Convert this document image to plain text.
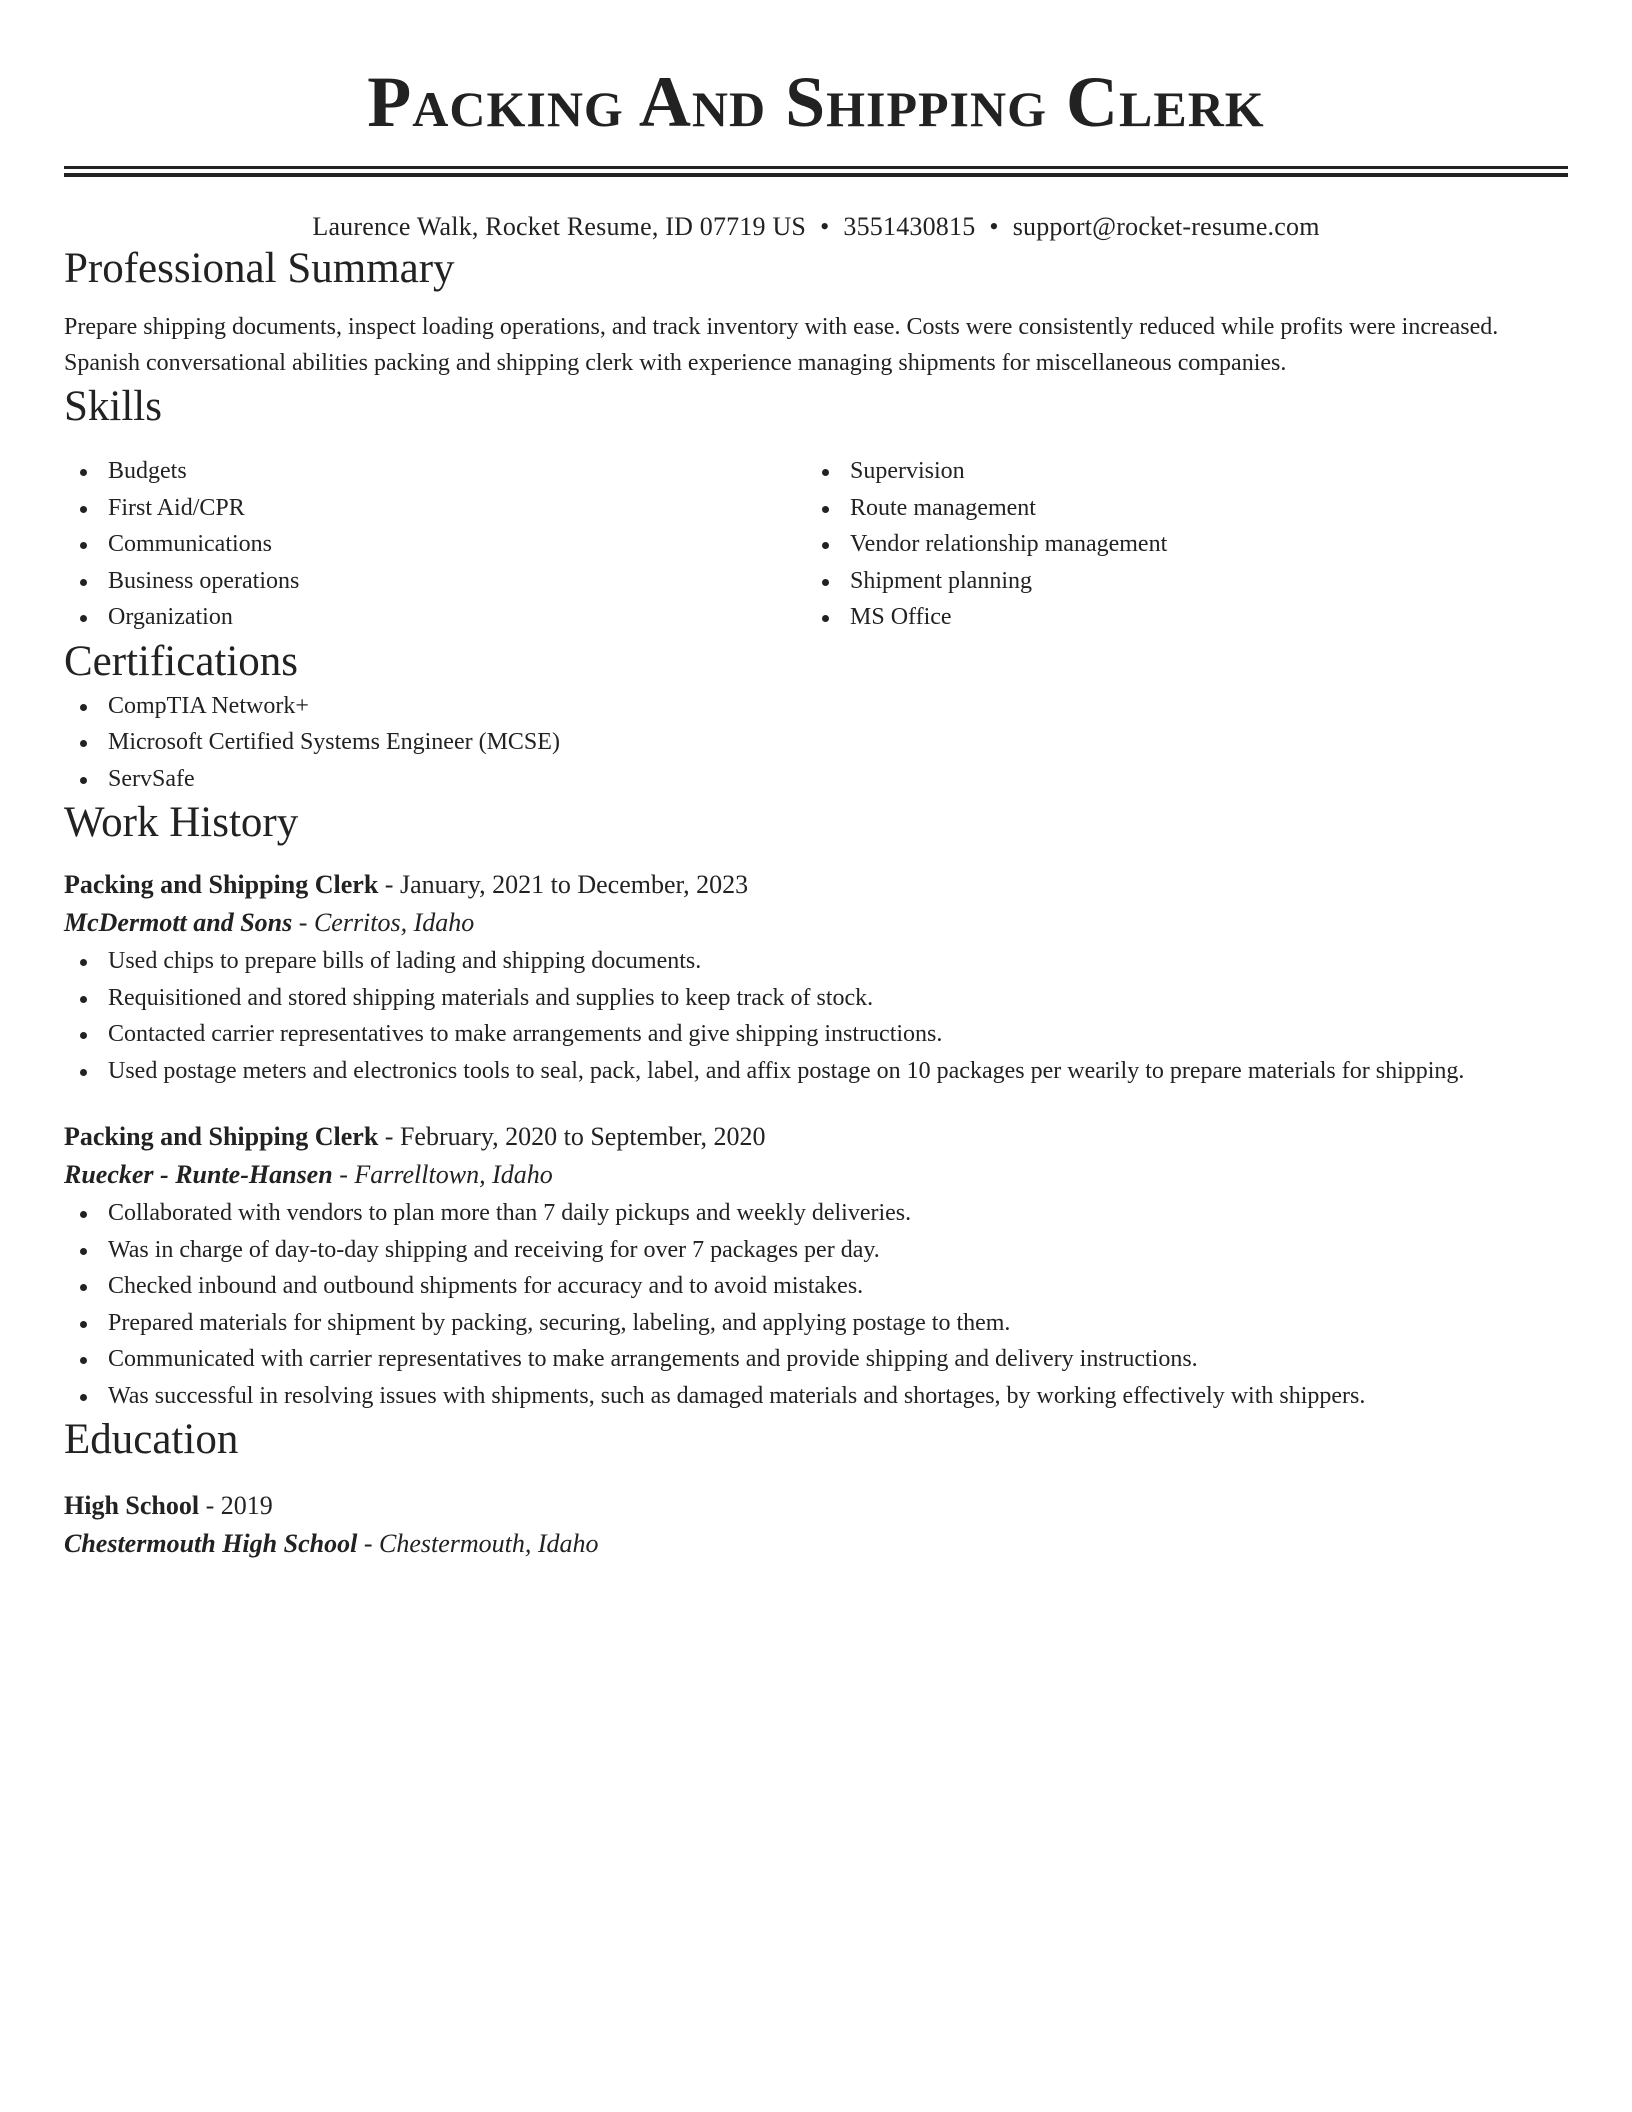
Packing And Shipping Clerk
Laurence Walk, Rocket Resume, ID 07719 US • 3551430815 • support@rocket-resume.com
Professional Summary

Prepare shipping documents, inspect loading operations, and track inventory with ease. Costs were consistently reduced while profits were increased. Spanish conversational abilities packing and shipping clerk with experience managing shipments for miscellaneous companies.

Skills
Budgets
First Aid/CPR
Communications
Business operations
Organization
Supervision
Route management
Vendor relationship management
Shipment planning
MS Office
Certifications
CompTIA Network+
Microsoft Certified Systems Engineer (MCSE)
ServSafe
Work History
Packing and Shipping Clerk - January, 2021 to December, 2023
McDermott and Sons - Cerritos, Idaho
Used chips to prepare bills of lading and shipping documents.
Requisitioned and stored shipping materials and supplies to keep track of stock.
Contacted carrier representatives to make arrangements and give shipping instructions.
Used postage meters and electronics tools to seal, pack, label, and affix postage on 10 packages per wearily to prepare materials for shipping.
Packing and Shipping Clerk - February, 2020 to September, 2020
Ruecker - Runte-Hansen - Farrelltown, Idaho
Collaborated with vendors to plan more than 7 daily pickups and weekly deliveries.
Was in charge of day-to-day shipping and receiving for over 7 packages per day.
Checked inbound and outbound shipments for accuracy and to avoid mistakes.
Prepared materials for shipment by packing, securing, labeling, and applying postage to them.
Communicated with carrier representatives to make arrangements and provide shipping and delivery instructions.
Was successful in resolving issues with shipments, such as damaged materials and shortages, by working effectively with shippers.
Education
High School - 2019
Chestermouth High School - Chestermouth, Idaho
